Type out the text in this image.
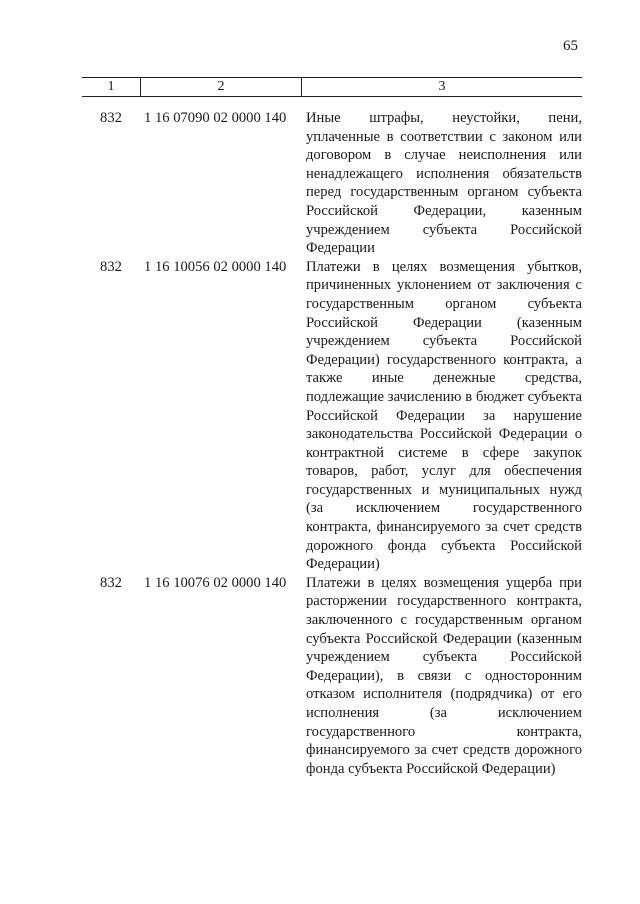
65
1	2	3
832	1 16 07090 02 0000 140	Иные штрафы, неустойки, пени, уплаченные в соответствии с законом или договором в случае неисполнения или ненадлежащего исполнения обязательств перед государственным органом субъекта Российской Федерации, казенным учреждением субъекта Российской Федерации
832	1 16 10056 02 0000 140	Платежи в целях возмещения убытков, причиненных уклонением от заключения с государственным органом субъекта Российской Федерации (казенным учреждением субъекта Российской Федерации) государственного контракта, а также иные денежные средства, подлежащие зачислению в бюджет субъекта Российской Федерации за нарушение законодательства Российской Федерации о контрактной системе в сфере закупок товаров, работ, услуг для обеспечения государственных и муниципальных нужд (за исключением государственного контракта, финансируемого за счет средств дорожного фонда субъекта Российской Федерации)
832	1 16 10076 02 0000 140	Платежи в целях возмещения ущерба при расторжении государственного контракта, заключенного с государственным органом субъекта Российской Федерации (казенным учреждением субъекта Российской Федерации), в связи с односторонним отказом исполнителя (подрядчика) от его исполнения (за исключением государственного контракта, финансируемого за счет средств дорожного фонда субъекта Российской Федерации)
